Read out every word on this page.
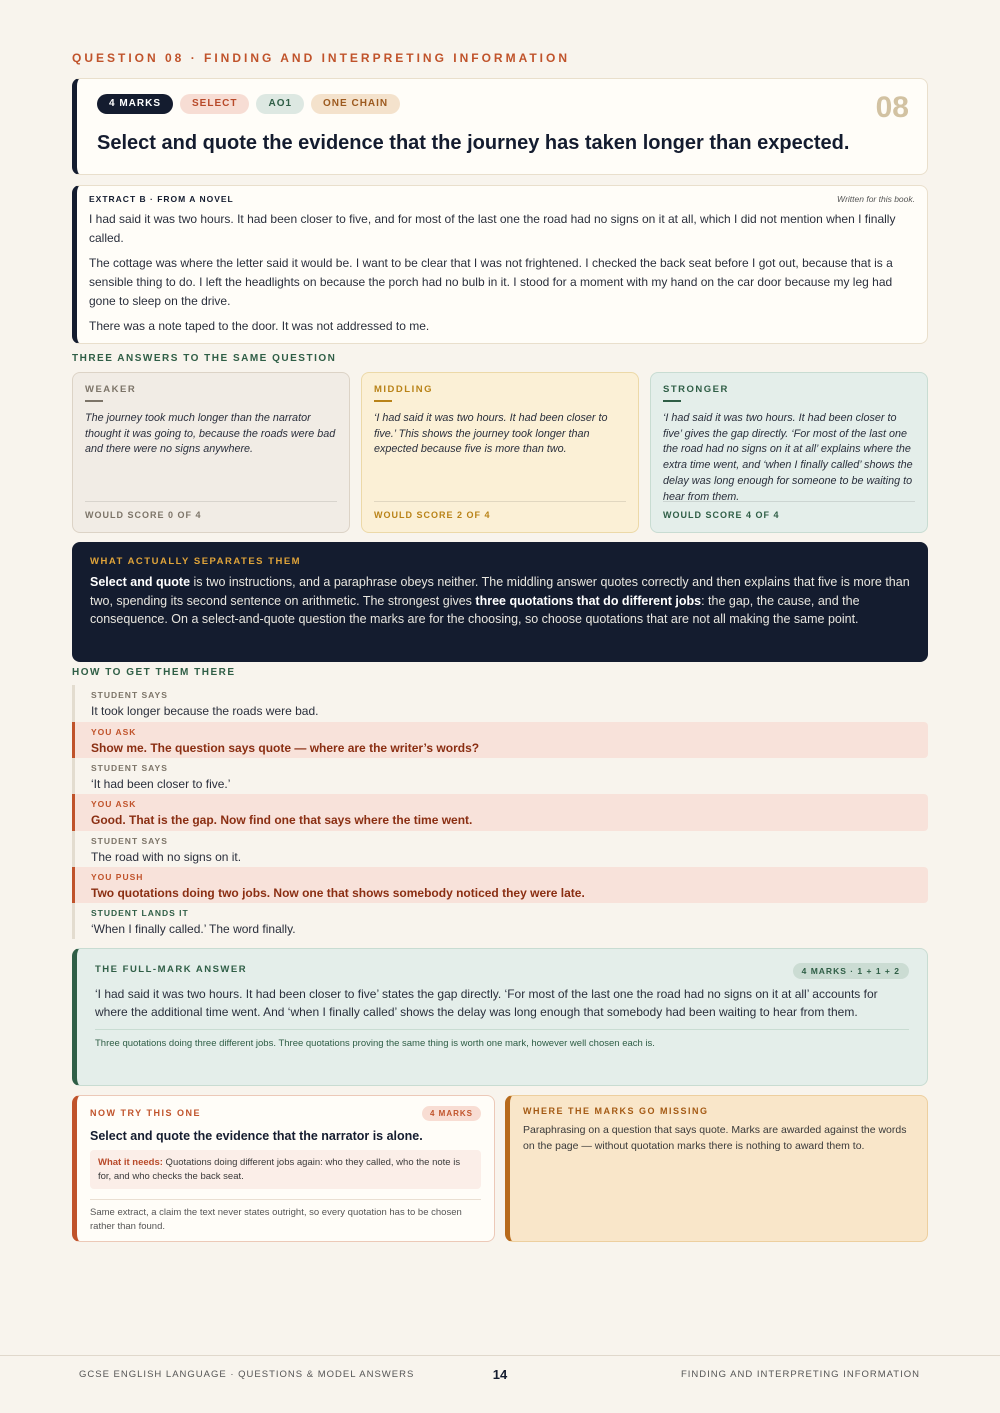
QUESTION 08 · FINDING AND INTERPRETING INFORMATION
4 MARKS	SELECT	AO1	ONE CHAIN	08
Select and quote the evidence that the journey has taken longer than expected.
EXTRACT B · FROM A NOVEL	Written for this book.

I had said it was two hours. It had been closer to five, and for most of the last one the road had no signs on it at all, which I did not mention when I finally called.

The cottage was where the letter said it would be. I want to be clear that I was not frightened. I checked the back seat before I got out, because that is a sensible thing to do. I left the headlights on because the porch had no bulb in it. I stood for a moment with my hand on the car door because my leg had gone to sleep on the drive.

There was a note taped to the door. It was not addressed to me.

THREE ANSWERS TO THE SAME QUESTION
WEAKER
The journey took much longer than the narrator thought it was going to, because the roads were bad and there were no signs anywhere.
WOULD SCORE 0 OF 4
MIDDLING
‘I had said it was two hours. It had been closer to five.’ This shows the journey took longer than expected because five is more than two.
WOULD SCORE 2 OF 4
STRONGER
‘I had said it was two hours. It had been closer to five’ gives the gap directly. ‘For most of the last one the road had no signs on it at all’ explains where the extra time went, and ‘when I finally called’ shows the delay was long enough for someone to be waiting to hear from them.
WOULD SCORE 4 OF 4
WHAT ACTUALLY SEPARATES THEM
Select and quote is two instructions, and a paraphrase obeys neither. The middling answer quotes correctly and then explains that five is more than two, spending its second sentence on arithmetic. The strongest gives three quotations that do different jobs: the gap, the cause, and the consequence. On a select-and-quote question the marks are for the choosing, so choose quotations that are not all making the same point.
HOW TO GET THEM THERE
STUDENT SAYS
It took longer because the roads were bad.
YOU ASK
Show me. The question says quote — where are the writer’s words?
STUDENT SAYS
‘It had been closer to five.’
YOU ASK
Good. That is the gap. Now find one that says where the time went.
STUDENT SAYS
The road with no signs on it.
YOU PUSH
Two quotations doing two jobs. Now one that shows somebody noticed they were late.
STUDENT LANDS IT
‘When I finally called.’ The word finally.
THE FULL-MARK ANSWER	4 MARKS · 1 + 1 + 2
‘I had said it was two hours. It had been closer to five’ states the gap directly. ‘For most of the last one the road had no signs on it at all’ accounts for where the additional time went. And ‘when I finally called’ shows the delay was long enough that somebody had been waiting to hear from them.
Three quotations doing three different jobs. Three quotations proving the same thing is worth one mark, however well chosen each is.
NOW TRY THIS ONE	4 MARKS
Select and quote the evidence that the narrator is alone.
What it needs: Quotations doing different jobs again: who they called, who the note is for, and who checks the back seat.
Same extract, a claim the text never states outright, so every quotation has to be chosen rather than found.
WHERE THE MARKS GO MISSING
Paraphrasing on a question that says quote. Marks are awarded against the words on the page — without quotation marks there is nothing to award them to.
GCSE ENGLISH LANGUAGE · QUESTIONS & MODEL ANSWERS	14	FINDING AND INTERPRETING INFORMATION
